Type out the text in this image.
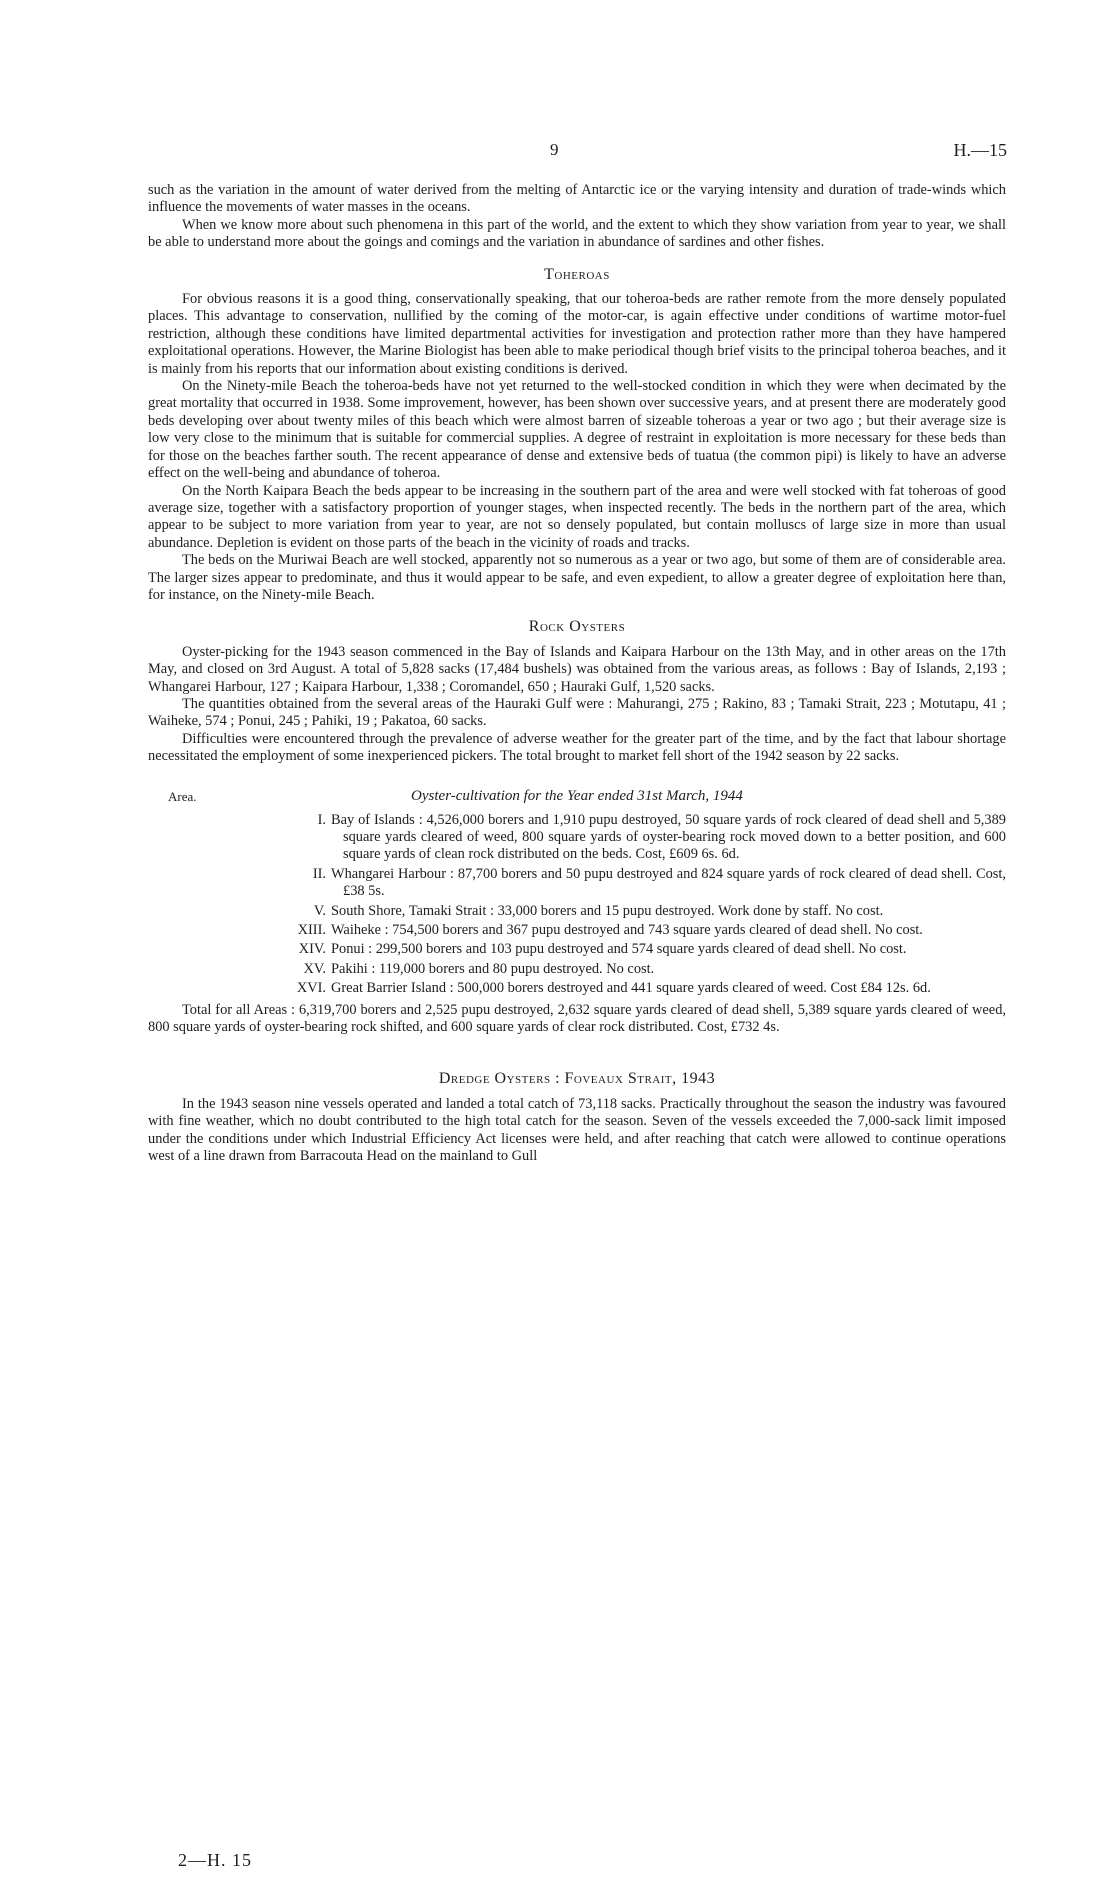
9	H.—15

such as the variation in the amount of water derived from the melting of Antarctic ice or the varying intensity and duration of trade-winds which influence the movements of water masses in the oceans.

When we know more about such phenomena in this part of the world, and the extent to which they show variation from year to year, we shall be able to understand more about the goings and comings and the variation in abundance of sardines and other fishes.

Toheroas

For obvious reasons it is a good thing, conservationally speaking, that our toheroa-beds are rather remote from the more densely populated places. This advantage to conservation, nullified by the coming of the motor-car, is again effective under conditions of wartime motor-fuel restriction, although these conditions have limited departmental activities for investigation and protection rather more than they have hampered exploitational operations. However, the Marine Biologist has been able to make periodical though brief visits to the principal toheroa beaches, and it is mainly from his reports that our information about existing conditions is derived.

On the Ninety-mile Beach the toheroa-beds have not yet returned to the well-stocked condition in which they were when decimated by the great mortality that occurred in 1938. Some improvement, however, has been shown over successive years, and at present there are moderately good beds developing over about twenty miles of this beach which were almost barren of sizeable toheroas a year or two ago ; but their average size is low very close to the minimum that is suitable for commercial supplies. A degree of restraint in exploitation is more necessary for these beds than for those on the beaches farther south. The recent appearance of dense and extensive beds of tuatua (the common pipi) is likely to have an adverse effect on the well-being and abundance of toheroa.

On the North Kaipara Beach the beds appear to be increasing in the southern part of the area and were well stocked with fat toheroas of good average size, together with a satisfactory proportion of younger stages, when inspected recently. The beds in the northern part of the area, which appear to be subject to more variation from year to year, are not so densely populated, but contain molluscs of large size in more than usual abundance. Depletion is evident on those parts of the beach in the vicinity of roads and tracks.

The beds on the Muriwai Beach are well stocked, apparently not so numerous as a year or two ago, but some of them are of considerable area. The larger sizes appear to predominate, and thus it would appear to be safe, and even expedient, to allow a greater degree of exploitation here than, for instance, on the Ninety-mile Beach.

Rock Oysters

Oyster-picking for the 1943 season commenced in the Bay of Islands and Kaipara Harbour on the 13th May, and in other areas on the 17th May, and closed on 3rd August. A total of 5,828 sacks (17,484 bushels) was obtained from the various areas, as follows : Bay of Islands, 2,193 ; Whangarei Harbour, 127 ; Kaipara Harbour, 1,338 ; Coromandel, 650 ; Hauraki Gulf, 1,520 sacks.

The quantities obtained from the several areas of the Hauraki Gulf were : Mahurangi, 275 ; Rakino, 83 ; Tamaki Strait, 223 ; Motutapu, 41 ; Waiheke, 574 ; Ponui, 245 ; Pahiki, 19 ; Pakatoa, 60 sacks.

Difficulties were encountered through the prevalence of adverse weather for the greater part of the time, and by the fact that labour shortage necessitated the employment of some inexperienced pickers. The total brought to market fell short of the 1942 season by 22 sacks.

Area.	Oyster-cultivation for the Year ended 31st March, 1944
I. Bay of Islands : 4,526,000 borers and 1,910 pupu destroyed, 50 square yards of rock cleared of dead shell and 5,389 square yards cleared of weed, 800 square yards of oyster-bearing rock moved down to a better position, and 600 square yards of clean rock distributed on the beds. Cost, £609 6s. 6d.
II. Whangarei Harbour : 87,700 borers and 50 pupu destroyed and 824 square yards of rock cleared of dead shell. Cost, £38 5s.
V. South Shore, Tamaki Strait : 33,000 borers and 15 pupu destroyed. Work done by staff. No cost.
XIII. Waiheke : 754,500 borers and 367 pupu destroyed and 743 square yards cleared of dead shell. No cost.
XIV. Ponui : 299,500 borers and 103 pupu destroyed and 574 square yards cleared of dead shell. No cost.
XV. Pakihi : 119,000 borers and 80 pupu destroyed. No cost.
XVI. Great Barrier Island : 500,000 borers destroyed and 441 square yards cleared of weed. Cost £84 12s. 6d.

Total for all Areas : 6,319,700 borers and 2,525 pupu destroyed, 2,632 square yards cleared of dead shell, 5,389 square yards cleared of weed, 800 square yards of oyster-bearing rock shifted, and 600 square yards of clear rock distributed. Cost, £732 4s.

Dredge Oysters : Foveaux Strait, 1943

In the 1943 season nine vessels operated and landed a total catch of 73,118 sacks. Practically throughout the season the industry was favoured with fine weather, which no doubt contributed to the high total catch for the season. Seven of the vessels exceeded the 7,000-sack limit imposed under the conditions under which Industrial Efficiency Act licenses were held, and after reaching that catch were allowed to continue operations west of a line drawn from Barracouta Head on the mainland to Gull

2—H. 15
